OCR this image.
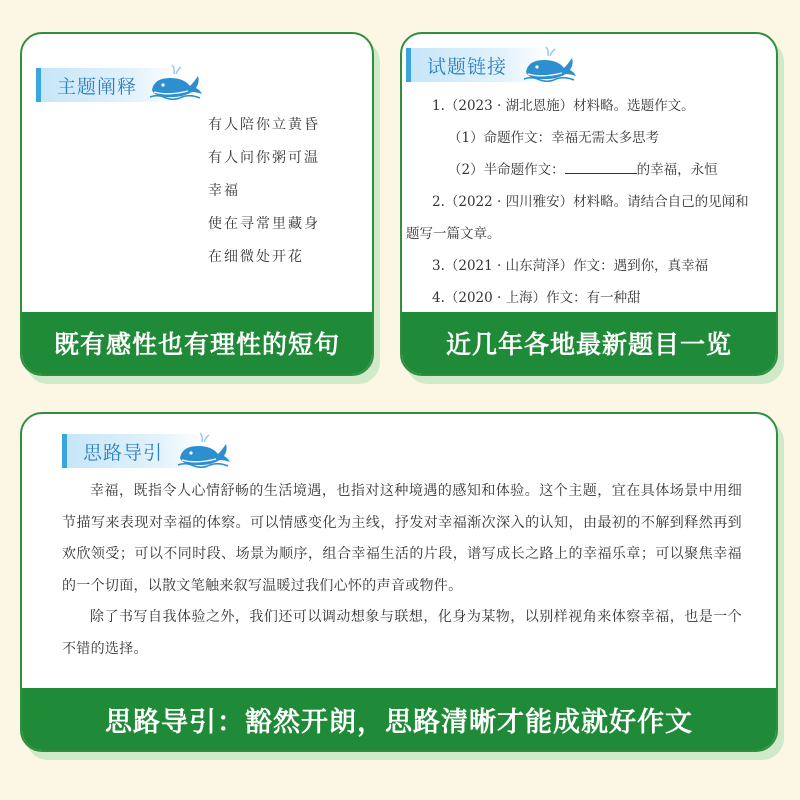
主题阐释
有人陪你立黄昏
有人问你粥可温
幸福
使在寻常里藏身
在细微处开花
既有感性也有理性的短句
试题链接
1.（2023 · 湖北恩施）材料略。选题作文。
（1）命题作文：幸福无需太多思考
（2）半命题作文：	的幸福，永恒
2.（2022 · 四川雅安）材料略。请结合自己的见闻和
题写一篇文章。
3.（2021 · 山东菏泽）作文：遇到你，真幸福
4.（2020 · 上海）作文：有一种甜
近几年各地最新题目一览
思路导引
幸福，既指令人心情舒畅的生活境遇，也指对这种境遇的感知和体验。这个主题，宜在具体场景中用细节描写来表现对幸福的体察。可以情感变化为主线，抒发对幸福渐次深入的认知，由最初的不解到释然再到欢欣领受；可以不同时段、场景为顺序，组合幸福生活的片段，谱写成长之路上的幸福乐章；可以聚焦幸福的一个切面，以散文笔触来叙写温暖过我们心怀的声音或物件。
除了书写自我体验之外，我们还可以调动想象与联想，化身为某物，以别样视角来体察幸福，也是一个不错的选择。
思路导引：豁然开朗，思路清晰才能成就好作文
